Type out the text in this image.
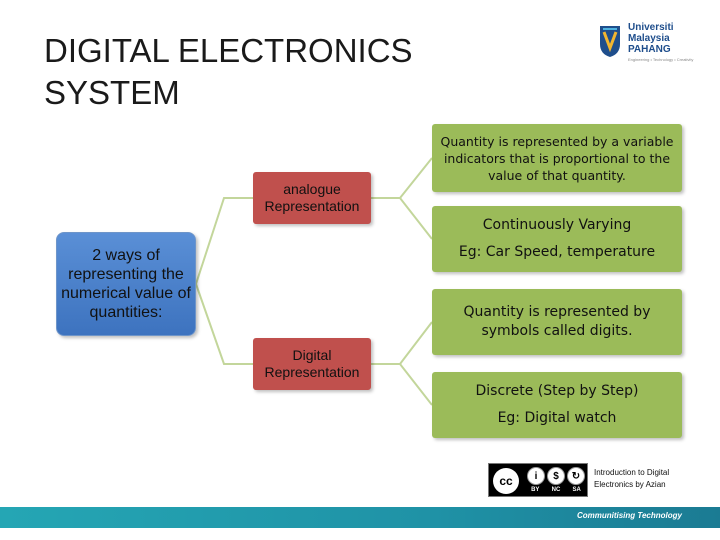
DIGITAL ELECTRONICS
SYSTEM
Universiti
Malaysia
PAHANG
Engineering • Technology • Creativity
2 ways of representing the numerical value of quantities:
analogue
Representation
Digital
Representation
Quantity is represented by a variable indicators that is proportional to the value of that quantity.
Continuously Varying
Eg: Car Speed, temperature
Quantity is represented by symbols called digits.
Discrete (Step by Step)
Eg: Digital watch
cc	i	$	↻
BY NC SA
Introduction to Digital Electronics by Azian
Communitising Technology
